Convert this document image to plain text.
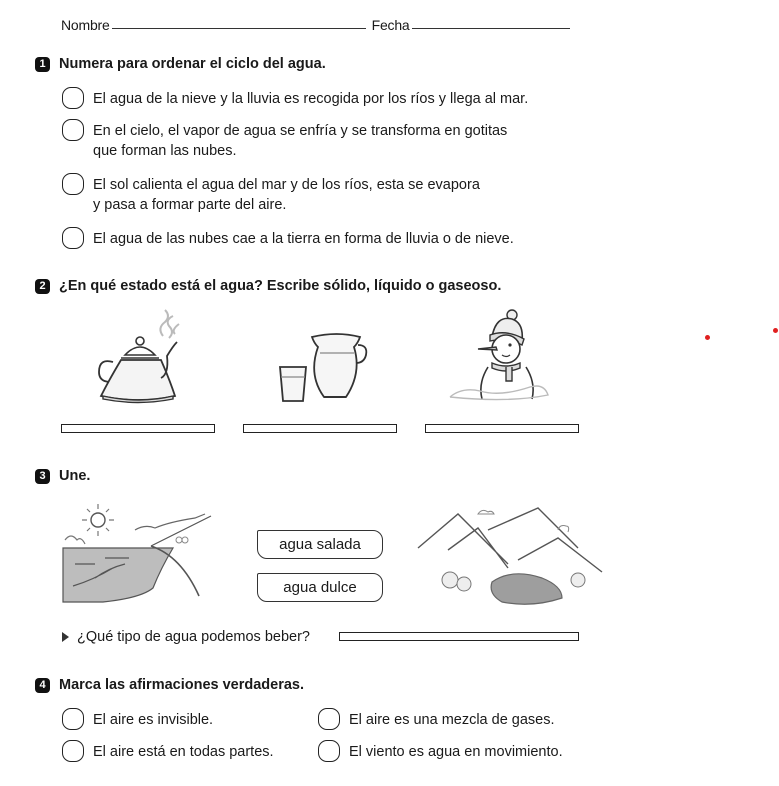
Nombre	Fecha
1 Numera para ordenar el ciclo del agua.
El agua de la nieve y la lluvia es recogida por los ríos y llega al mar.
En el cielo, el vapor de agua se enfría y se transforma en gotitas
que forman las nubes.
El sol calienta el agua del mar y de los ríos, esta se evapora
y pasa a formar parte del aire.
El agua de las nubes cae a la tierra en forma de lluvia o de nieve.
2 ¿En qué estado está el agua? Escribe sólido, líquido o gaseoso.
3 Une.
agua salada
agua dulce
¿Qué tipo de agua podemos beber?
4 Marca las afirmaciones verdaderas.
El aire es invisible.	El aire es una mezcla de gases.
El aire está en todas partes.	El viento es agua en movimiento.
